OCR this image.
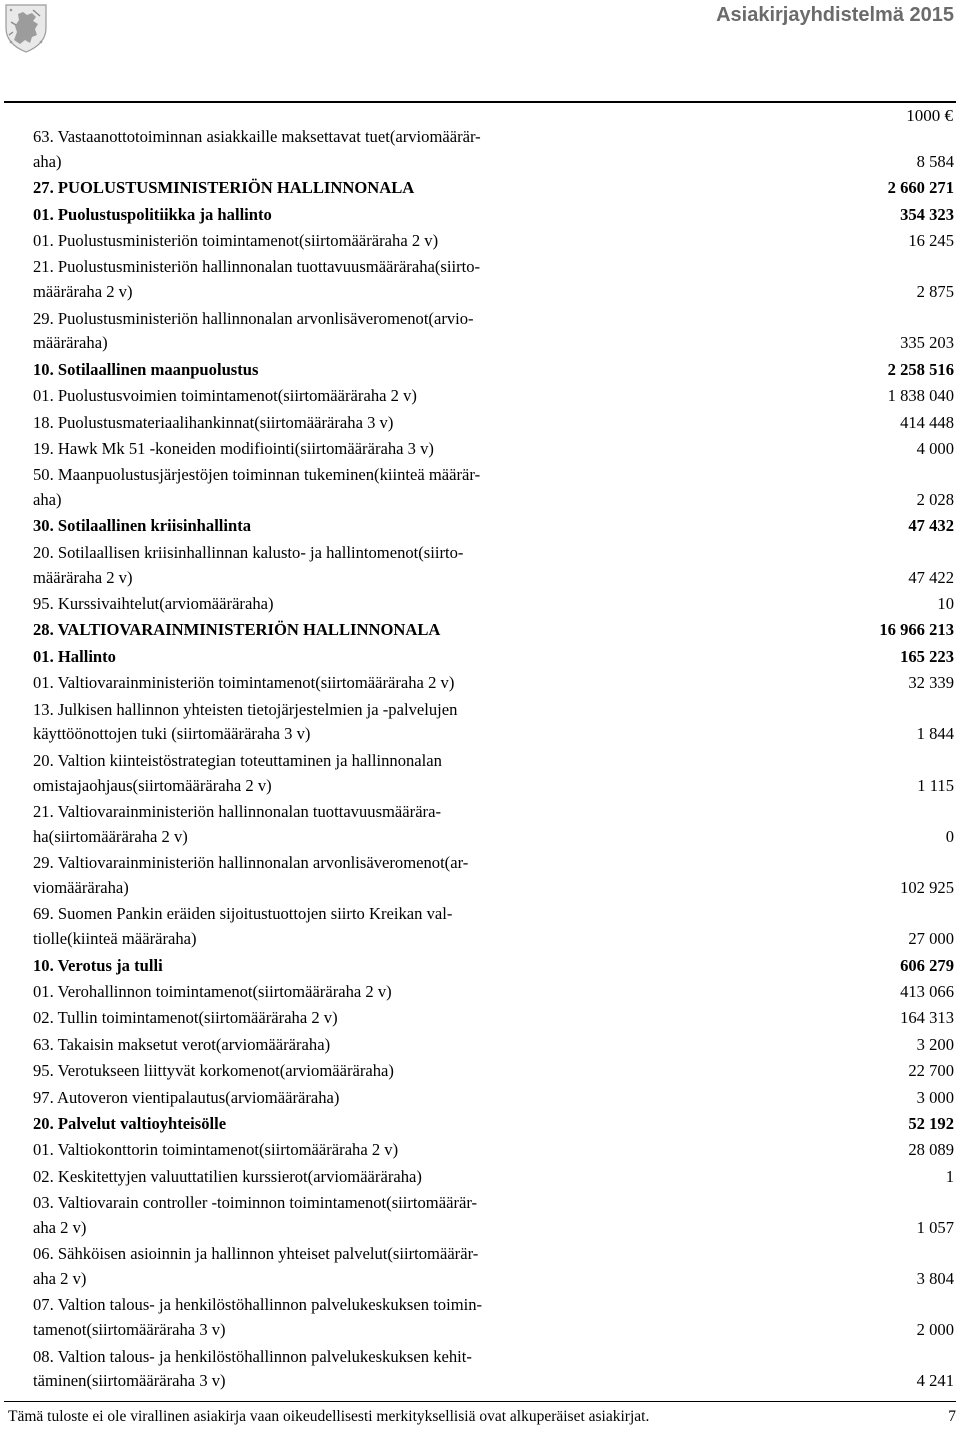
Asiakirjayhdistelmä 2015
1000 €
63. Vastaanottotoiminnan asiakkaille maksettavat tuet(arviomäärär-
aha)	8 584
27. PUOLUSTUSMINISTERIÖN HALLINNONALA	2 660 271
01. Puolustuspolitiikka ja hallinto	354 323
01. Puolustusministeriön toimintamenot(siirtomääräraha 2 v)	16 245
21. Puolustusministeriön hallinnonalan tuottavuusmääräraha(siirto-
määräraha 2 v)	2 875
29. Puolustusministeriön hallinnonalan arvonlisäveromenot(arvio-
määräraha)	335 203
10. Sotilaallinen maanpuolustus	2 258 516
01. Puolustusvoimien toimintamenot(siirtomääräraha 2 v)	1 838 040
18. Puolustusmateriaalihankinnat(siirtomääräraha 3 v)	414 448
19. Hawk Mk 51 -koneiden modifiointi(siirtomääräraha 3 v)	4 000
50. Maanpuolustusjärjestöjen toiminnan tukeminen(kiinteä määrär-
aha)	2 028
30. Sotilaallinen kriisinhallinta	47 432
20. Sotilaallisen kriisinhallinnan kalusto- ja hallintomenot(siirto-
määräraha 2 v)	47 422
95. Kurssivaihtelut(arviomääräraha)	10
28. VALTIOVARAINMINISTERIÖN HALLINNONALA	16 966 213
01. Hallinto	165 223
01. Valtiovarainministeriön toimintamenot(siirtomääräraha 2 v)	32 339
13. Julkisen hallinnon yhteisten tietojärjestelmien ja -palvelujen
käyttöönottojen tuki (siirtomääräraha 3 v)	1 844
20. Valtion kiinteistöstrategian toteuttaminen ja hallinnonalan
omistajaohjaus(siirtomääräraha 2 v)	1 115
21. Valtiovarainministeriön hallinnonalan tuottavuusmäärära-
ha(siirtomääräraha 2 v)	0
29. Valtiovarainministeriön hallinnonalan arvonlisäveromenot(ar-
viomääräraha)	102 925
69. Suomen Pankin eräiden sijoitustuottojen siirto Kreikan val-
tiolle(kiinteä määräraha)	27 000
10. Verotus ja tulli	606 279
01. Verohallinnon toimintamenot(siirtomääräraha 2 v)	413 066
02. Tullin toimintamenot(siirtomääräraha 2 v)	164 313
63. Takaisin maksetut verot(arviomääräraha)	3 200
95. Verotukseen liittyvät korkomenot(arviomääräraha)	22 700
97. Autoveron vientipalautus(arviomääräraha)	3 000
20. Palvelut valtioyhteisölle	52 192
01. Valtiokonttorin toimintamenot(siirtomääräraha 2 v)	28 089
02. Keskitettyjen valuuttatilien kurssierot(arviomääräraha)	1
03. Valtiovarain controller -toiminnon toimintamenot(siirtomäärär-
aha 2 v)	1 057
06. Sähköisen asioinnin ja hallinnon yhteiset palvelut(siirtomäärär-
aha 2 v)	3 804
07. Valtion talous- ja henkilöstöhallinnon palvelukeskuksen toimin-
tamenot(siirtomääräraha 3 v)	2 000
08. Valtion talous- ja henkilöstöhallinnon palvelukeskuksen kehit-
täminen(siirtomääräraha 3 v)	4 241
Tämä tuloste ei ole virallinen asiakirja vaan oikeudellisesti merkityksellisiä ovat alkuperäiset asiakirjat.	7
